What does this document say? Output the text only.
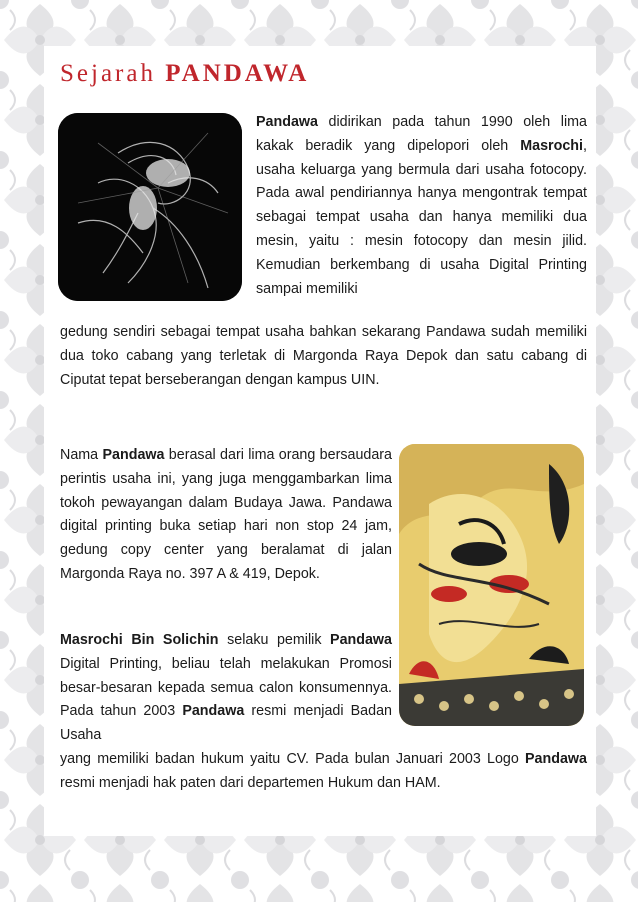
Sejarah PANDAWA
Pandawa didirikan pada tahun 1990 oleh lima kakak beradik yang dipelopori oleh Masrochi, usaha keluarga yang bermula dari usaha fotocopy. Pada awal pendiriannya hanya mengontrak tempat sebagai tempat usaha dan hanya memiliki dua mesin, yaitu : mesin fotocopy dan mesin jilid. Kemudian berkembang di usaha Digital Printing sampai memiliki
gedung sendiri sebagai tempat usaha bahkan sekarang Pandawa sudah memiliki dua toko cabang yang terletak di Margonda Raya Depok dan satu cabang di Ciputat tepat berseberangan dengan kampus UIN.
Nama Pandawa berasal dari lima orang bersaudara perintis usaha ini, yang juga menggambarkan lima tokoh pewayangan dalam Budaya Jawa. Pandawa digital printing buka setiap hari non stop 24 jam, gedung copy center yang beralamat di jalan Margonda Raya no. 397 A & 419, Depok.
Masrochi Bin Solichin selaku pemilik Pandawa Digital Printing, beliau telah melakukan Promosi besar-besaran kepada semua calon konsumennya. Pada tahun 2003 Pandawa resmi menjadi Badan Usaha
yang memiliki badan hukum yaitu CV. Pada bulan Januari 2003 Logo Pandawa resmi menjadi hak paten dari departemen Hukum dan HAM.
